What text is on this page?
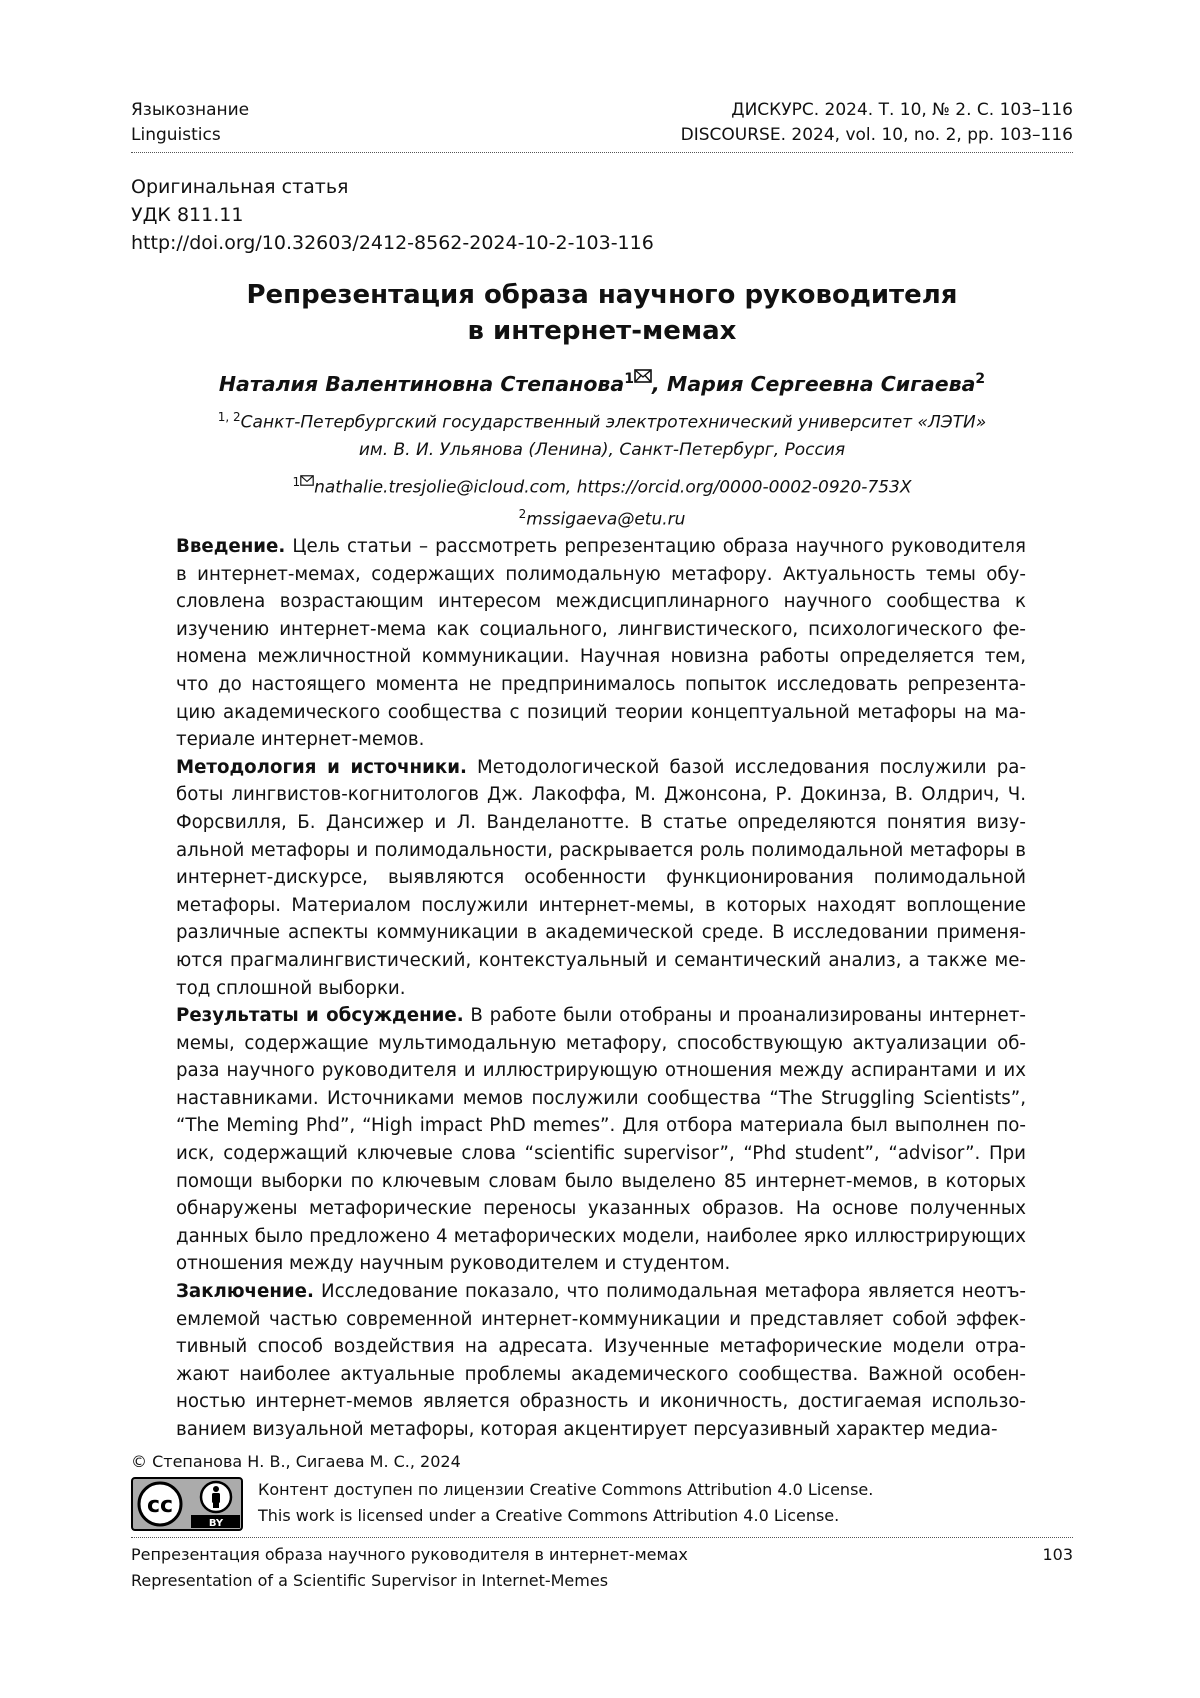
Языкознание
Linguistics
ДИСКУРС. 2024. Т. 10, № 2. С. 103–116
DISCOURSE. 2024, vol. 10, no. 2, pp. 103–116
Оригинальная статья
УДК 811.11
http://doi.org/10.32603/2412-8562-2024-10-2-103-116
Репрезентация образа научного руководителя
в интернет-мемах
Наталия Валентиновна Степанова$^1$ , Мария Сергеевна Сигаева$^2$
$^{1, 2}$Санкт-Петербургский государственный электротехнический университет «ЛЭТИ»
им. В. И. Ульянова (Ленина), Санкт-Петербург, Россия
$^1$ nathalie.tresjolie@icloud.com, https://orcid.org/0000-0002-0920-753X
$^2$mssigaeva@etu.ru

Введение. Цель статьи – рассмотреть репрезентацию образа научного руководителя в интернет-мемах, содержащих полимодальную метафору. Актуальность темы обусловлена возрастающим интересом междисциплинарного научного сообщества к изучению интернет-мема как социального, лингвистического, психологического феномена межличностной коммуникации. Научная новизна работы определяется тем, что до настоящего момента не предпринималось попыток исследовать репрезентацию академического сообщества с позиций теории концептуальной метафоры на материале интернет-мемов.

Методология и источники. Методологической базой исследования послужили работы лингвистов-когнитологов Дж. Лакоффа, М. Джонсона, Р. Докинза, В. Олдрич, Ч. Форсвилля, Б. Дансижер и Л. Ванделанотте. В статье определяются понятия визуальной метафоры и полимодальности, раскрывается роль полимодальной метафоры в интернет-дискурсе, выявляются особенности функционирования полимодальной метафоры. Материалом послужили интернет-мемы, в которых находят воплощение различные аспекты коммуникации в академической среде. В исследовании применяются прагмалингвистический, контекстуальный и семантический анализ, а также метод сплошной выборки.

Результаты и обсуждение. В работе были отобраны и проанализированы интернет-мемы, содержащие мультимодальную метафору, способствующую актуализации образа научного руководителя и иллюстрирующую отношения между аспирантами и их наставниками. Источниками мемов послужили сообщества “The Struggling Scientists”, “The Meming Phd”, “High impact PhD memes”. Для отбора материала был выполнен поиск, содержащий ключевые слова “scientific supervisor”, “Phd student”, “advisor”. При помощи выборки по ключевым словам было выделено 85 интернет-мемов, в которых обнаружены метафорические переносы указанных образов. На основе полученных данных было предложено 4 метафорических модели, наиболее ярко иллюстрирующих отношения между научным руководителем и студентом.

Заключение. Исследование показало, что полимодальная метафора является неотъемлемой частью современной интернет-коммуникации и представляет собой эффективный способ воздействия на адресата. Изученные метафорические модели отражают наиболее актуальные проблемы академического сообщества. Важной особенностью интернет-мемов является образность и иконичность, достигаемая использованием визуальной метафоры, которая акцентирует персуазивный характер медиа-

© Степанова Н. В., Сигаева М. С., 2024
cc
BY
Контент доступен по лицензии Creative Commons Attribution 4.0 License.
This work is licensed under a Creative Commons Attribution 4.0 License.
Репрезентация образа научного руководителя в интернет-мемах
Representation of a Scientific Supervisor in Internet-Memes
103
